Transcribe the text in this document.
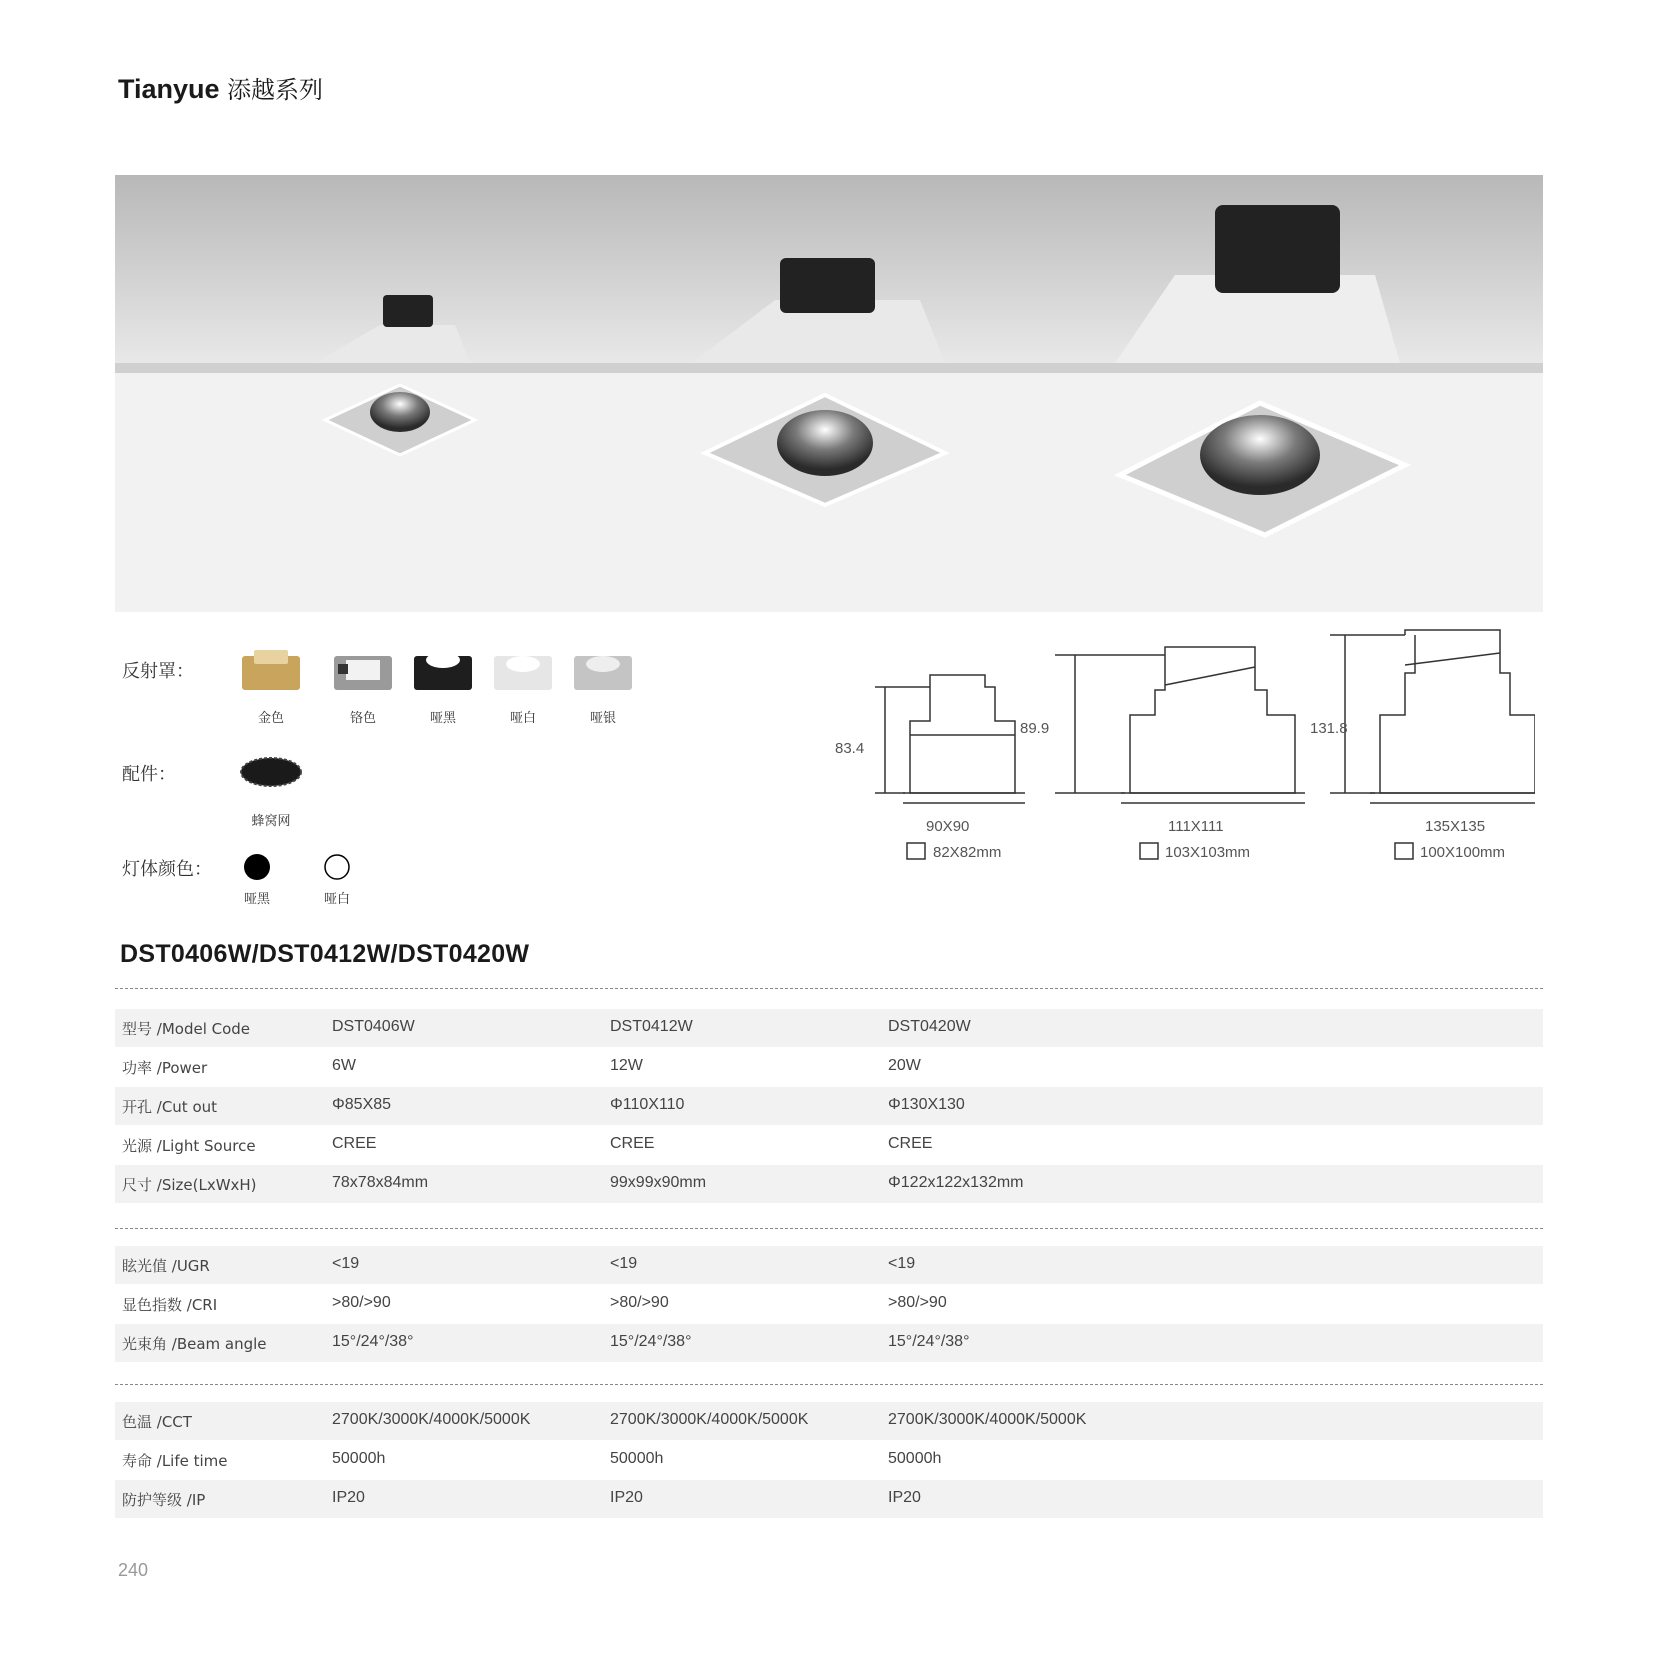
Tianyue 添越系列
反射罩：
金色	铬色	哑黑	哑白	哑银
配件：
蜂窝网
灯体颜色：
哑黑	哑白
83.4
90X90
82X82mm
89.9
111X111
103X103mm
131.8
135X135
100X100mm
DST0406W/DST0412W/DST0420W
型号 /Model Code	DST0406W	DST0412W	DST0420W
功率 /Power	6W	12W	20W
开孔 /Cut out	Φ85X85	Φ110X110	Φ130X130
光源 /Light Source	CREE	CREE	CREE
尺寸 /Size(LxWxH)	78x78x84mm	99x99x90mm	Φ122x122x132mm
眩光值 /UGR	<19	<19	<19
显色指数 /CRI	>80/>90	>80/>90	>80/>90
光束角 /Beam angle	15°/24°/38°	15°/24°/38°	15°/24°/38°
色温 /CCT	2700K/3000K/4000K/5000K	2700K/3000K/4000K/5000K	2700K/3000K/4000K/5000K
寿命 /Life time	50000h	50000h	50000h
防护等级 /IP	IP20	IP20	IP20
240
